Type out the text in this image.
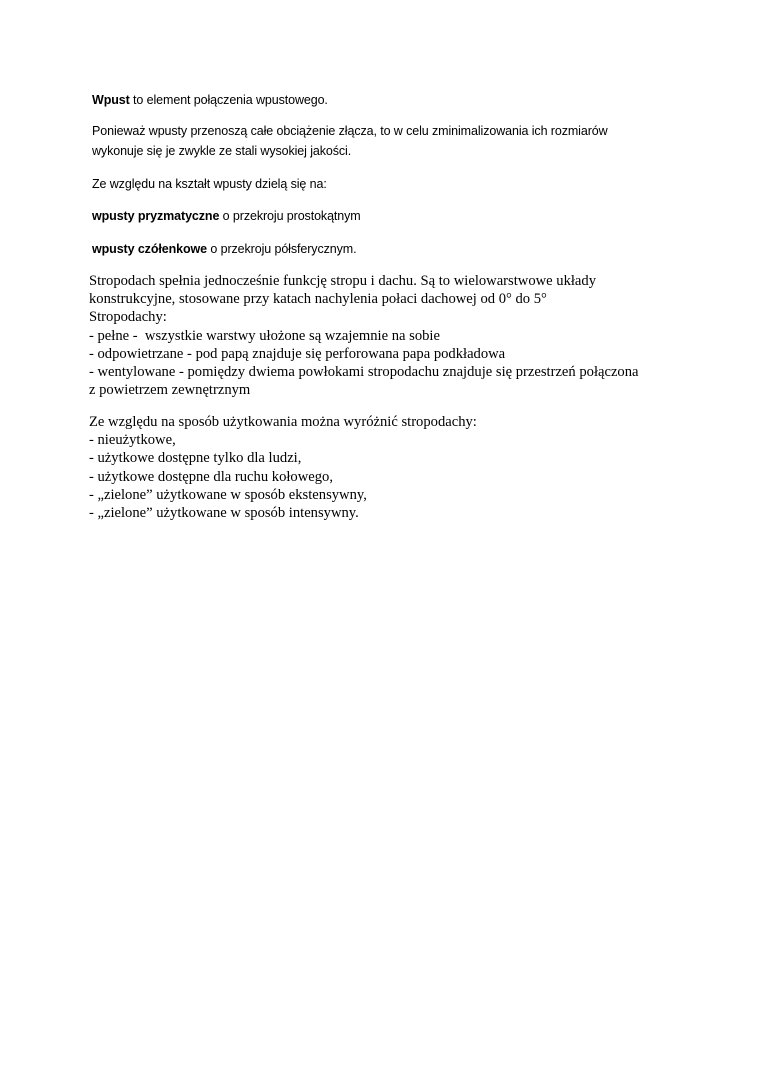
Wpust to element połączenia wpustowego.

Ponieważ wpusty przenoszą całe obciążenie złącza, to w celu zminimalizowania ich rozmiarów
wykonuje się je zwykle ze stali wysokiej jakości.

Ze względu na kształt wpusty dzielą się na:

wpusty pryzmatyczne o przekroju prostokątnym

wpusty czółenkowe o przekroju półsferycznym.

Stropodach spełnia jednocześnie funkcję stropu i dachu. Są to wielowarstwowe układy
konstrukcyjne, stosowane przy katach nachylenia połaci dachowej od 0° do 5°
Stropodachy:
- pełne -  wszystkie warstwy ułożone są wzajemnie na sobie
- odpowietrzane - pod papą znajduje się perforowana papa podkładowa
- wentylowane - pomiędzy dwiema powłokami stropodachu znajduje się przestrzeń połączona
z powietrzem zewnętrznym
Ze względu na sposób użytkowania można wyróżnić stropodachy:
- nieużytkowe,
- użytkowe dostępne tylko dla ludzi,
- użytkowe dostępne dla ruchu kołowego,
- „zielone” użytkowane w sposób ekstensywny,
- „zielone” użytkowane w sposób intensywny.
